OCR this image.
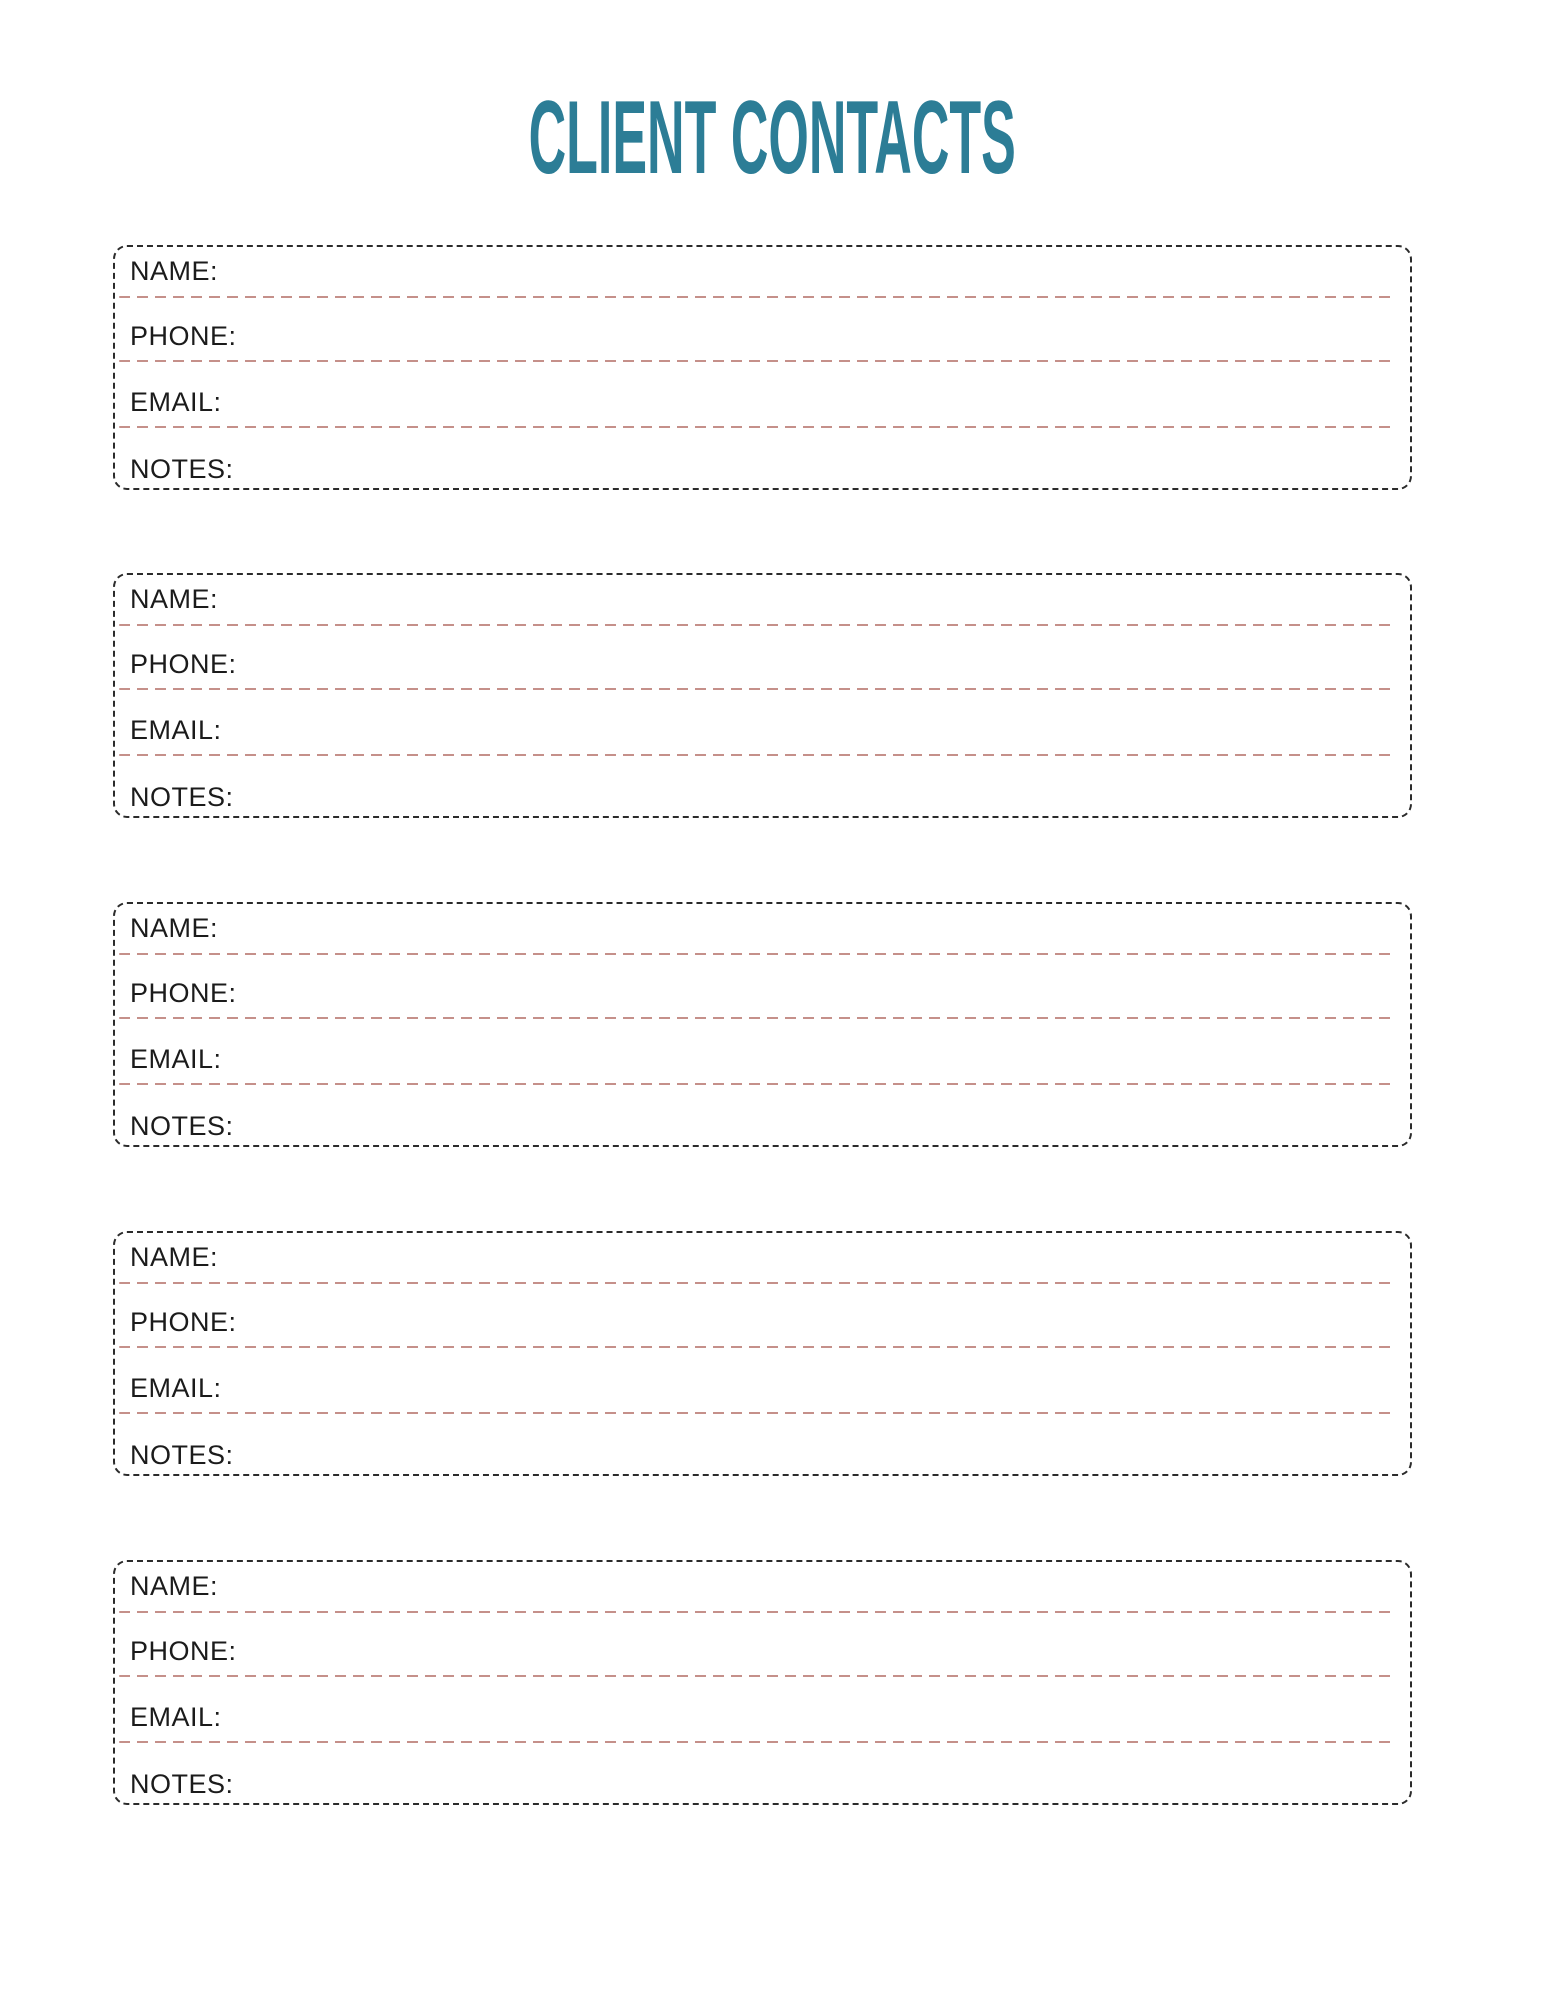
CLIENT CONTACTS
NAME:
PHONE:
EMAIL:
NOTES:
NAME:
PHONE:
EMAIL:
NOTES:
NAME:
PHONE:
EMAIL:
NOTES:
NAME:
PHONE:
EMAIL:
NOTES:
NAME:
PHONE:
EMAIL:
NOTES:
